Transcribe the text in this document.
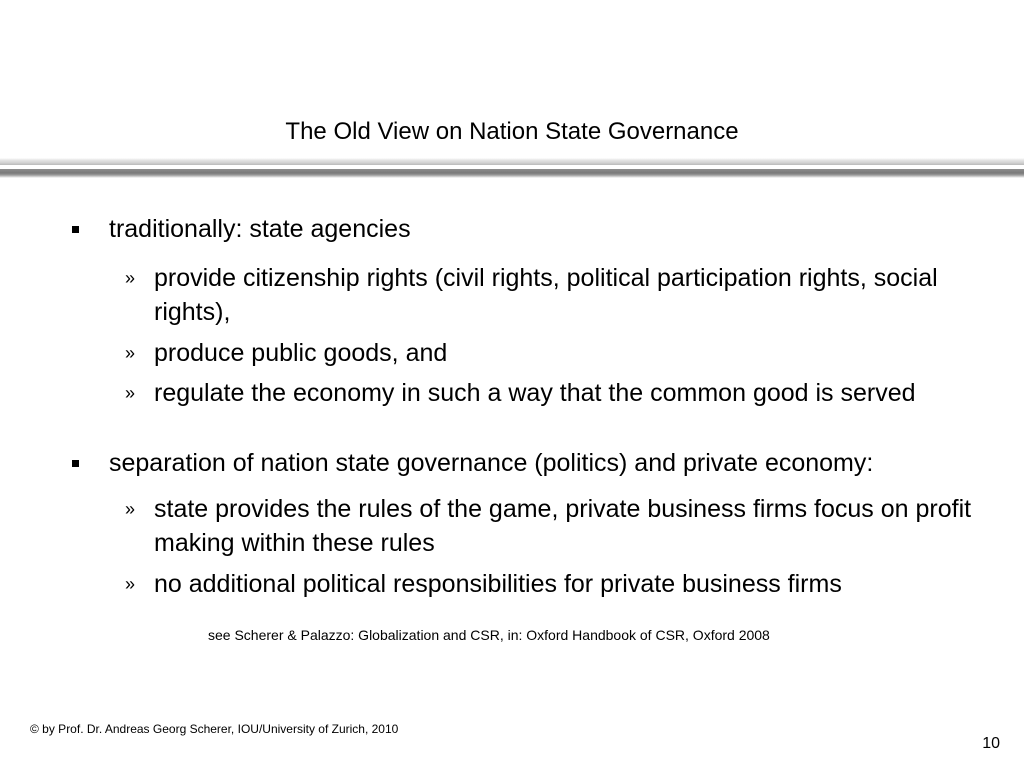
The Old View on Nation State Governance
traditionally: state agencies
» provide citizenship rights (civil rights, political participation rights, social rights),
» produce public goods, and
» regulate the economy in such a way that the common good is served
separation of nation state governance (politics) and private economy:
» state provides the rules of the game, private business firms focus on profit making within these rules
» no additional political responsibilities for private business firms
see Scherer & Palazzo: Globalization and CSR, in: Oxford Handbook of CSR, Oxford 2008
© by Prof. Dr. Andreas Georg Scherer, IOU/University of Zurich, 2010
10
